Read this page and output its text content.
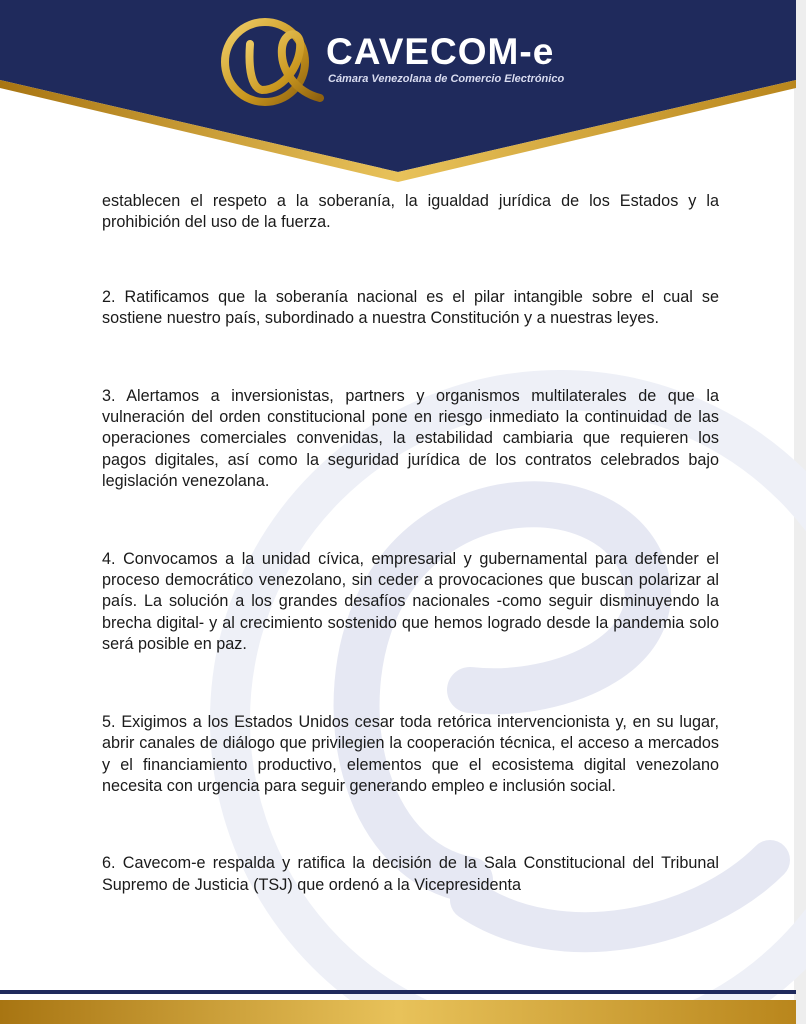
CAVECOM-e
Cámara Venezolana de Comercio Electrónico

establecen el respeto a la soberanía, la igualdad jurídica de los Estados y la prohibición del uso de la fuerza.

2. Ratificamos que la soberanía nacional es el pilar intangible sobre el cual se sostiene nuestro país, subordinado a nuestra Constitución y a nuestras leyes.

3. Alertamos a inversionistas, partners y organismos multilaterales de que la vulneración del orden constitucional pone en riesgo inmediato la continuidad de las operaciones comerciales convenidas, la estabilidad cambiaria que requieren los pagos digitales, así como la seguridad jurídica de los contratos celebrados bajo legislación venezolana.

4. Convocamos a la unidad cívica, empresarial y gubernamental para defender el proceso democrático venezolano, sin ceder a provocaciones que buscan polarizar al país. La solución a los grandes desafíos nacionales -como seguir disminuyendo la brecha digital- y al crecimiento sostenido que hemos logrado desde la pandemia solo será posible en paz.

5. Exigimos a los Estados Unidos cesar toda retórica intervencionista y, en su lugar, abrir canales de diálogo que privilegien la cooperación técnica, el acceso a mercados y el financiamiento productivo, elementos que el ecosistema digital venezolano necesita con urgencia para seguir generando empleo e inclusión social.

6. Cavecom-e respalda y ratifica la decisión de la Sala Constitucional del Tribunal Supremo de Justicia (TSJ) que ordenó a la Vicepresidenta
